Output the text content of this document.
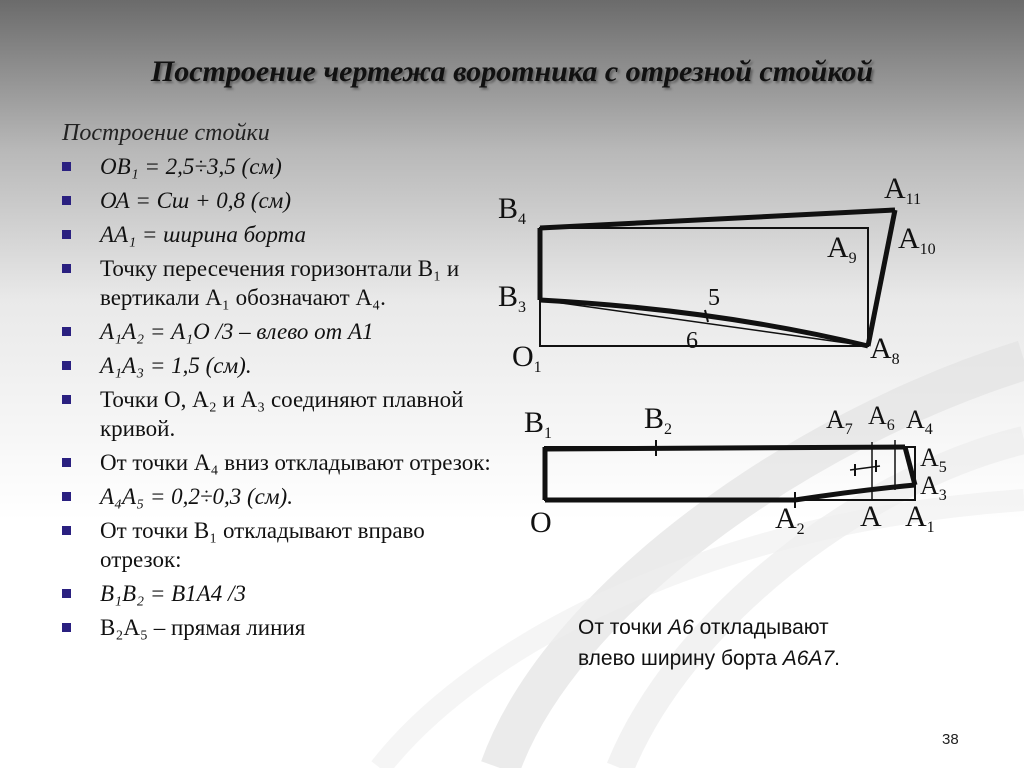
Построение чертежа воротника с отрезной стойкой
Построение стойки
ОВ₁ = 2,5÷3,5 (см)
ОА = Сш + 0,8 (см)
АА₁ = ширина борта
Точку пересечения горизонтали В₁ и вертикали А₁ обозначают А₄.
А₁А₂ = А₁О /3 – влево от А1
А₁А₃ = 1,5 (см).
Точки О, А₂ и А₃ соединяют плавной кривой.
От точки А₄ вниз откладывают отрезок:
А₄А₅ = 0,2÷0,3 (см).
От точки В₁ откладывают вправо отрезок:
В₁В₂ = В1А4 /3
В₂А₅ – прямая линия
$B_4$
$A_{11}$
$A_9$
$A_{10}$
$B_3$	5
6
$O_1$
$A_8$
$B_1$	$B_2$	$A_7$ $A_6$ $A_4$
$A_5$
$A_3$
O	$A_2$ A $A_1$
От точки А6 откладывают
влево ширину борта А6А7.
38
